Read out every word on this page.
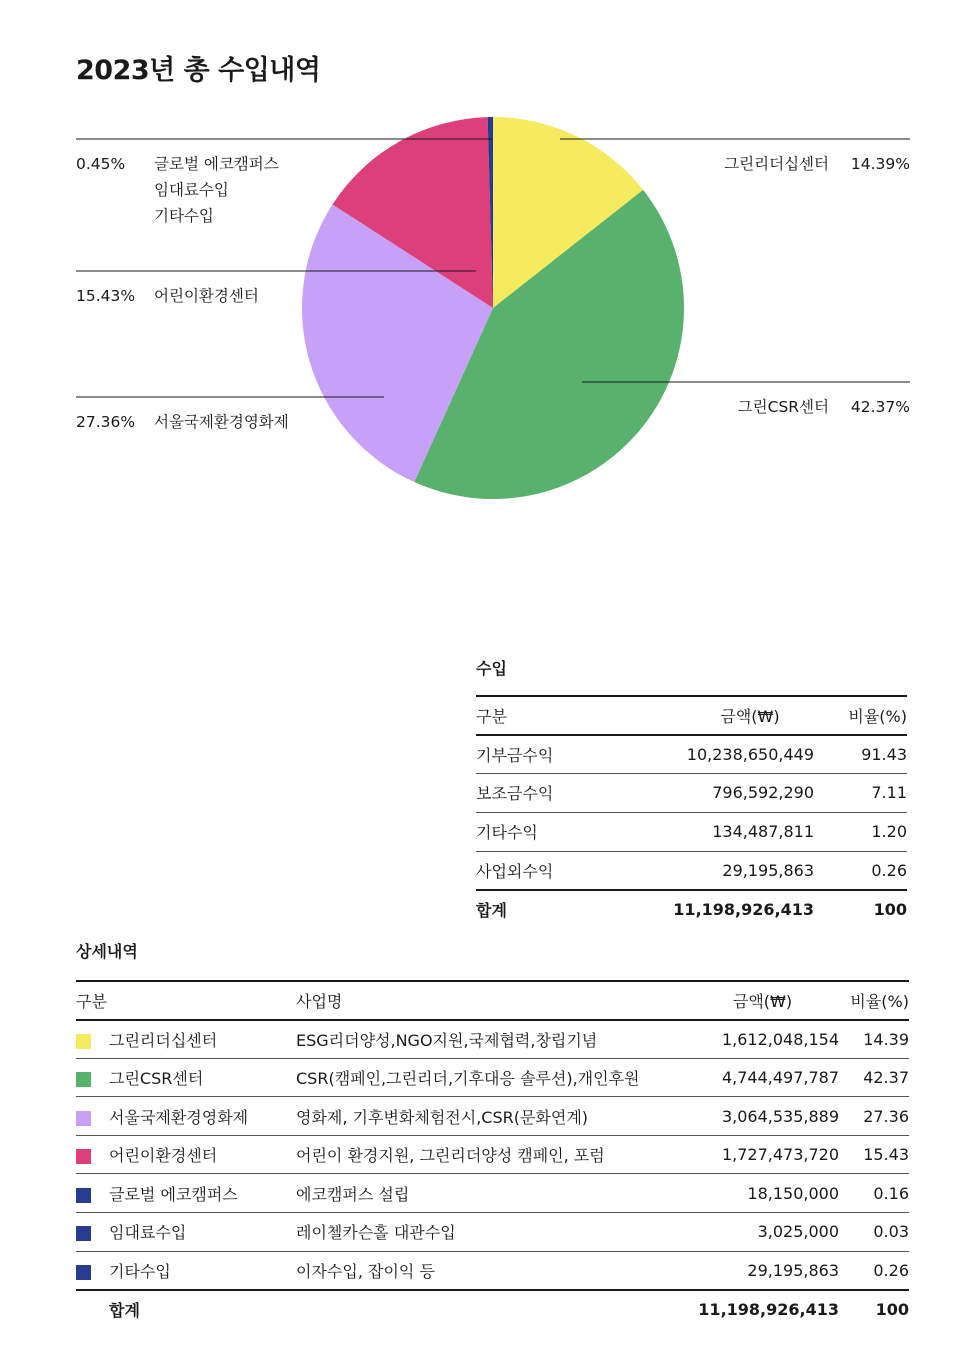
2023년 총 수입내역
14.39%
그린리더십센터
42.37%
그린CSR센터
27.36% 서울국제환경영화제
15.43% 어린이환경센터
0.45% 글로벌 에코캠퍼스 임대료수입 기타수입
수입
구분	금액(₩)	비율(%)
기부금수익	10,238,650,449	91.43
보조금수익	796,592,290	7.11
기타수익	134,487,811	1.20
사업외수익	29,195,863	0.26
합계	11,198,926,413	100
상세내역
구분	사업명	금액(₩)	비율(%)
그린리더십센터	ESG리더양성,NGO지원,국제협력,창립기념	1,612,048,154	14.39
그린CSR센터	CSR(캠페인,그린리더,기후대응 솔루션),개인후원	4,744,497,787	42.37
서울국제환경영화제	영화제, 기후변화체험전시,CSR(문화연계)	3,064,535,889	27.36
어린이환경센터	어린이 환경지원, 그린리더양성 캠페인, 포럼	1,727,473,720	15.43
글로벌 에코캠퍼스	에코캠퍼스 설립	18,150,000	0.16
임대료수입	레이첼카슨홀 대관수입	3,025,000	0.03
기타수입	이자수입, 잡이익 등	29,195,863	0.26
합계		11,198,926,413	100
